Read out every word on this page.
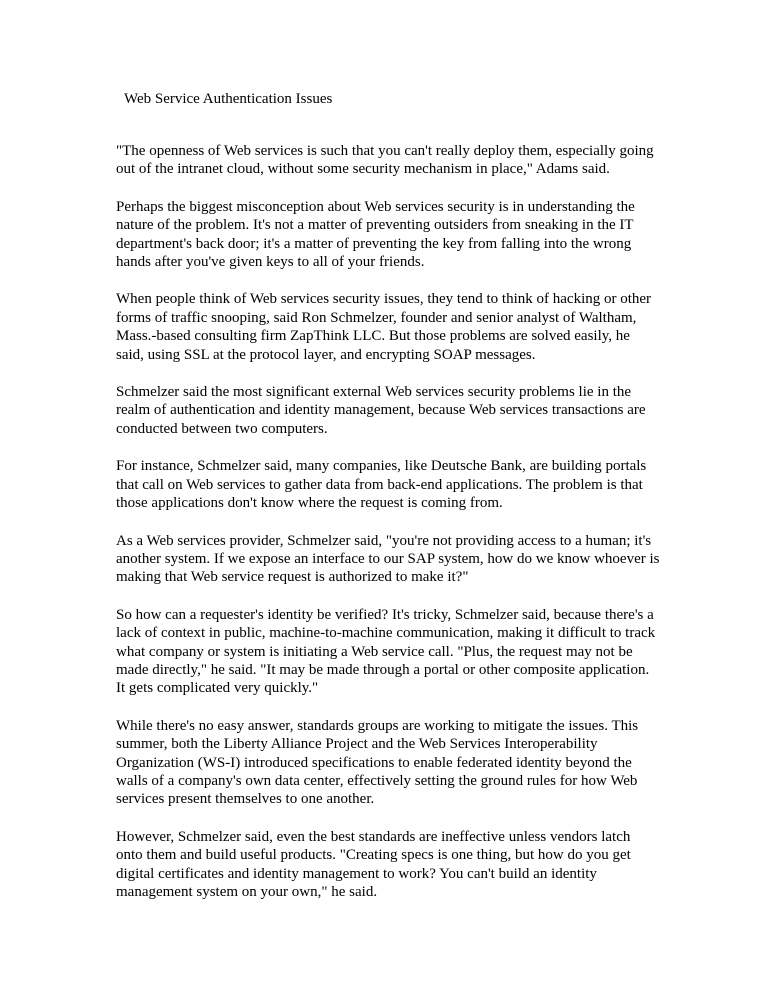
Web Service Authentication Issues

"The openness of Web services is such that you can't really deploy them, especially going out of the intranet cloud, without some security mechanism in place," Adams said.

Perhaps the biggest misconception about Web services security is in understanding the nature of the problem. It's not a matter of preventing outsiders from sneaking in the IT department's back door; it's a matter of preventing the key from falling into the wrong hands after you've given keys to all of your friends.

When people think of Web services security issues, they tend to think of hacking or other forms of traffic snooping, said Ron Schmelzer, founder and senior analyst of Waltham, Mass.-based consulting firm ZapThink LLC. But those problems are solved easily, he said, using SSL at the protocol layer, and encrypting SOAP messages.

Schmelzer said the most significant external Web services security problems lie in the realm of authentication and identity management, because Web services transactions are conducted between two computers.

For instance, Schmelzer said, many companies, like Deutsche Bank, are building portals that call on Web services to gather data from back-end applications. The problem is that those applications don't know where the request is coming from.

As a Web services provider, Schmelzer said, "you're not providing access to a human; it's another system. If we expose an interface to our SAP system, how do we know whoever is making that Web service request is authorized to make it?"

So how can a requester's identity be verified? It's tricky, Schmelzer said, because there's a lack of context in public, machine-to-machine communication, making it difficult to track what company or system is initiating a Web service call. "Plus, the request may not be made directly," he said. "It may be made through a portal or other composite application. It gets complicated very quickly."

While there's no easy answer, standards groups are working to mitigate the issues. This summer, both the Liberty Alliance Project and the Web Services Interoperability Organization (WS-I) introduced specifications to enable federated identity beyond the walls of a company's own data center, effectively setting the ground rules for how Web services present themselves to one another.

However, Schmelzer said, even the best standards are ineffective unless vendors latch onto them and build useful products. "Creating specs is one thing, but how do you get digital certificates and identity management to work? You can't build an identity management system on your own," he said.
